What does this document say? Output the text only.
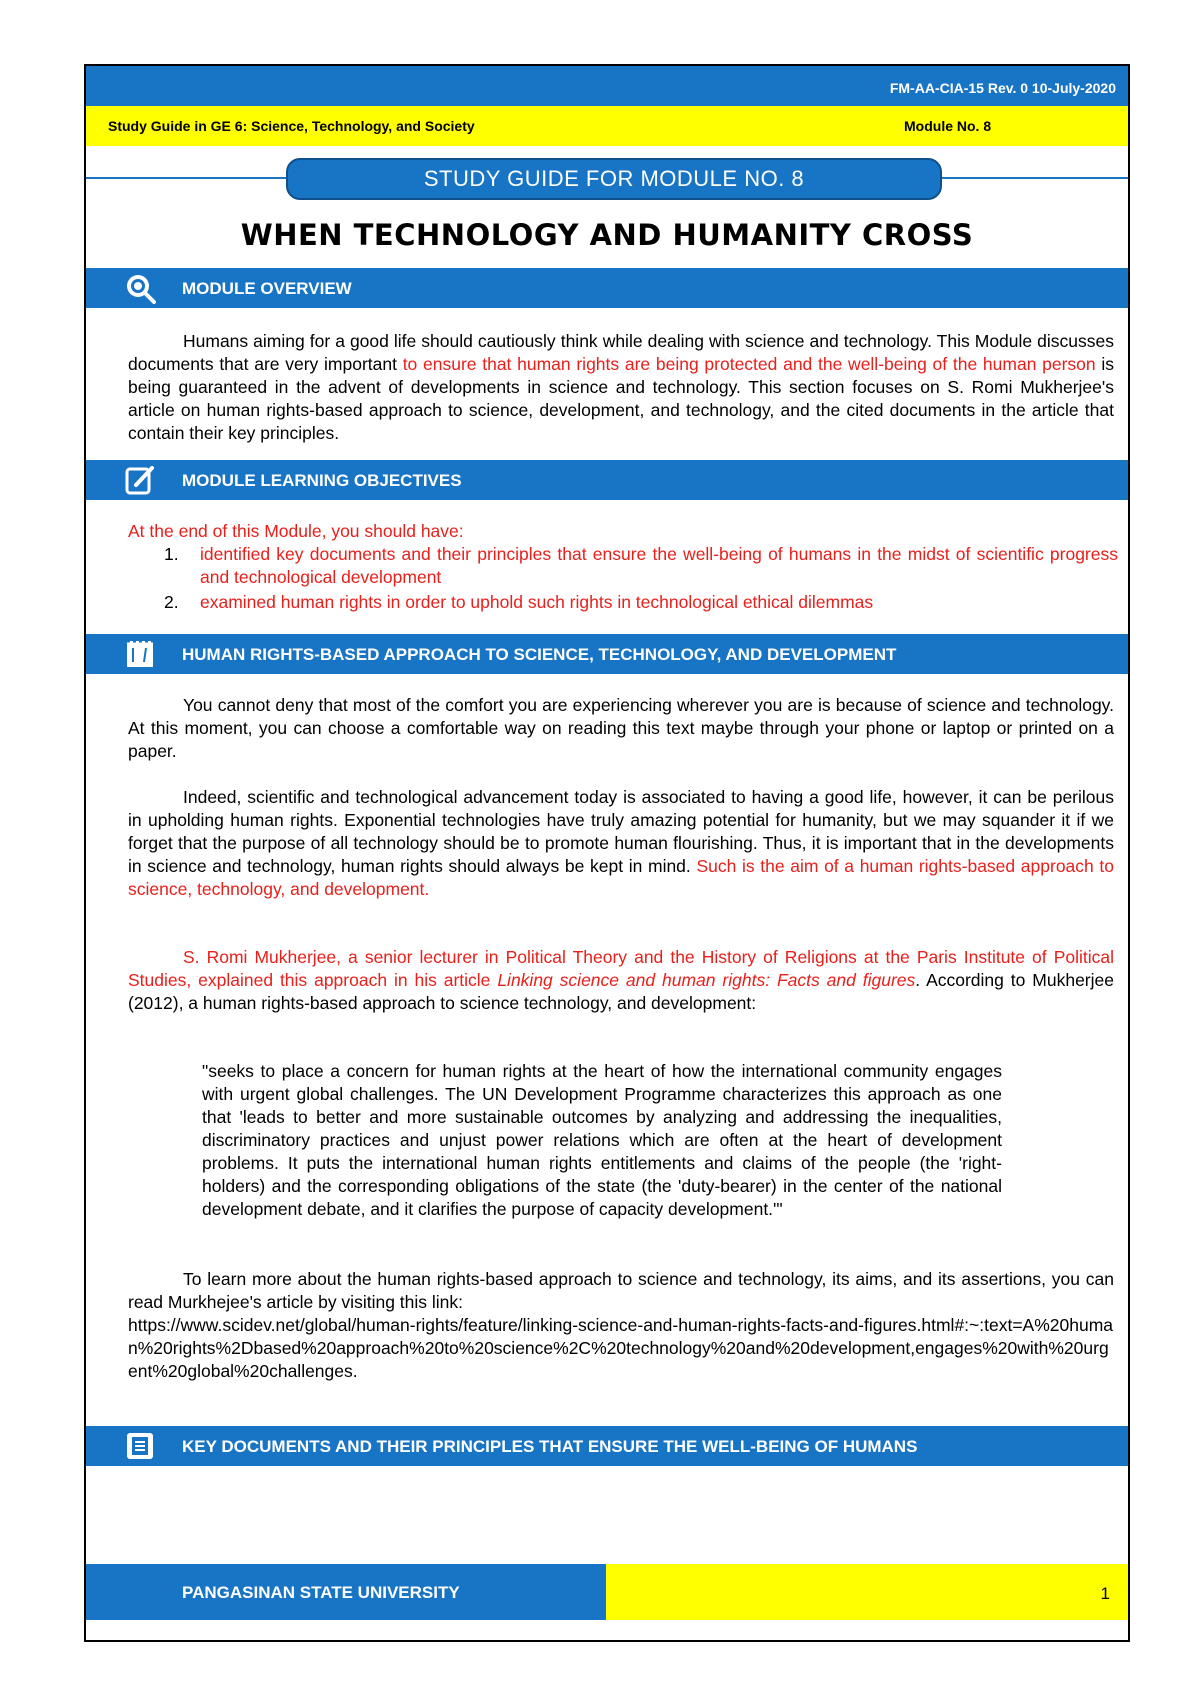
FM-AA-CIA-15 Rev. 0 10-July-2020
Study Guide in GE 6: Science, Technology, and Society	Module No. 8
STUDY GUIDE FOR MODULE NO. 8
WHEN TECHNOLOGY AND HUMANITY CROSS
MODULE OVERVIEW
Humans aiming for a good life should cautiously think while dealing with science and technology. This Module discusses documents that are very important to ensure that human rights are being protected and the well-being of the human person is being guaranteed in the advent of developments in science and technology. This section focuses on S. Romi Mukherjee's article on human rights-based approach to science, development, and technology, and the cited documents in the article that contain their key principles.
MODULE LEARNING OBJECTIVES
At the end of this Module, you should have:
1. identified key documents and their principles that ensure the well-being of humans in the midst of scientific progress and technological development
2. examined human rights in order to uphold such rights in technological ethical dilemmas
HUMAN RIGHTS-BASED APPROACH TO SCIENCE, TECHNOLOGY, AND DEVELOPMENT
You cannot deny that most of the comfort you are experiencing wherever you are is because of science and technology. At this moment, you can choose a comfortable way on reading this text maybe through your phone or laptop or printed on a paper.
Indeed, scientific and technological advancement today is associated to having a good life, however, it can be perilous in upholding human rights. Exponential technologies have truly amazing potential for humanity, but we may squander it if we forget that the purpose of all technology should be to promote human flourishing. Thus, it is important that in the developments in science and technology, human rights should always be kept in mind. Such is the aim of a human rights-based approach to science, technology, and development.
S. Romi Mukherjee, a senior lecturer in Political Theory and the History of Religions at the Paris Institute of Political Studies, explained this approach in his article Linking science and human rights: Facts and figures. According to Mukherjee (2012), a human rights-based approach to science technology, and development:
"seeks to place a concern for human rights at the heart of how the international community engages with urgent global challenges. The UN Development Programme characterizes this approach as one that 'leads to better and more sustainable outcomes by analyzing and addressing the inequalities, discriminatory practices and unjust power relations which are often at the heart of development problems. It puts the international human rights entitlements and claims of the people (the 'right-holders) and the corresponding obligations of the state (the 'duty-bearer) in the center of the national development debate, and it clarifies the purpose of capacity development.'"
To learn more about the human rights-based approach to science and technology, its aims, and its assertions, you can read Murkhejee's article by visiting this link:
https://www.scidev.net/global/human-rights/feature/linking-science-and-human-rights-facts-and-figures.html#:~:text=A%20human%20rights%2Dbased%20approach%20to%20science%2C%20technology%20and%20development,engages%20with%20urgent%20global%20challenges.
KEY DOCUMENTS AND THEIR PRINCIPLES THAT ENSURE THE WELL-BEING OF HUMANS
PANGASINAN STATE UNIVERSITY	1
